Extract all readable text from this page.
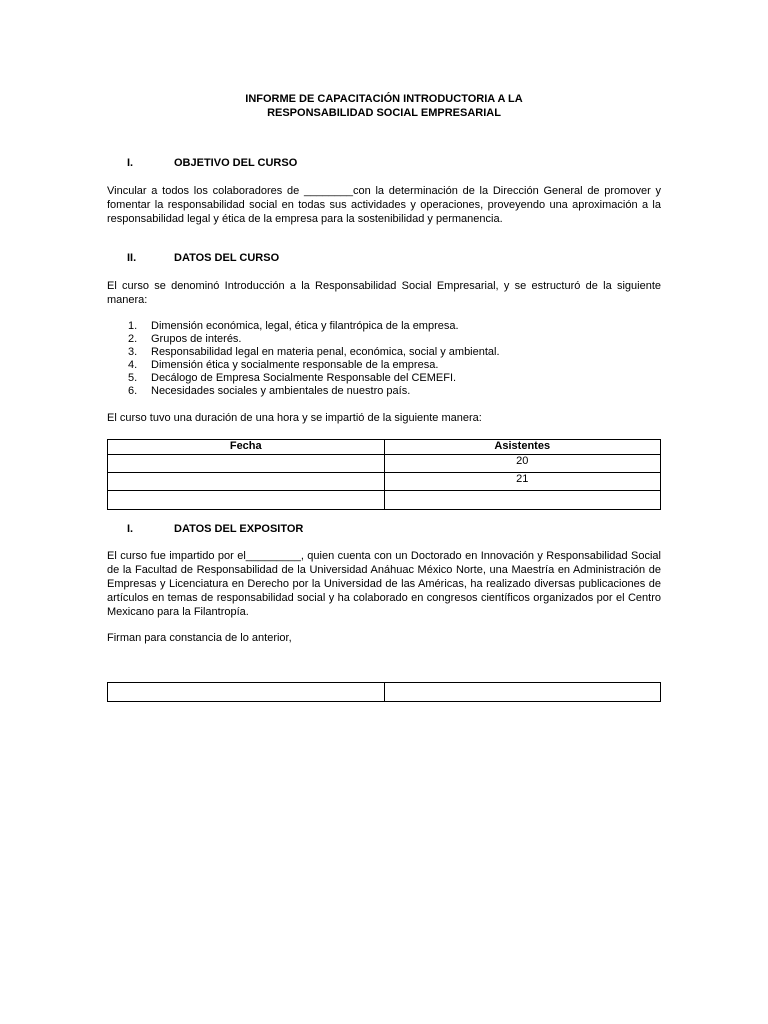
INFORME DE CAPACITACIÓN INTRODUCTORIA A LA
RESPONSABILIDAD SOCIAL EMPRESARIAL
I.	OBJETIVO DEL CURSO
Vincular a todos los colaboradores de ________con la determinación de la Dirección General de promover y fomentar la responsabilidad social en todas sus actividades y operaciones, proveyendo una aproximación a la responsabilidad legal y ética de la empresa para la sostenibilidad y permanencia.
II.	DATOS DEL CURSO
El curso se denominó Introducción a la Responsabilidad Social Empresarial, y se estructuró de la siguiente manera:
1. Dimensión económica, legal, ética y filantrópica de la empresa.
2. Grupos de interés.
3. Responsabilidad legal en materia penal, económica, social y ambiental.
4. Dimensión ética y socialmente responsable de la empresa.
5. Decálogo de Empresa Socialmente Responsable del CEMEFI.
6. Necesidades sociales y ambientales de nuestro país.
El curso tuvo una duración de una hora y se impartió de la siguiente manera:
Fecha	Asistentes
	20
	21

I.	DATOS DEL EXPOSITOR
El curso fue impartido por el_________, quien cuenta con un Doctorado en Innovación y Responsabilidad Social de la Facultad de Responsabilidad de la Universidad Anáhuac México Norte, una Maestría en Administración de Empresas y Licenciatura en Derecho por la Universidad de las Américas, ha realizado diversas publicaciones de artículos en temas de responsabilidad social y ha colaborado en congresos científicos organizados por el Centro Mexicano para la Filantropía.
Firman para constancia de lo anterior,
